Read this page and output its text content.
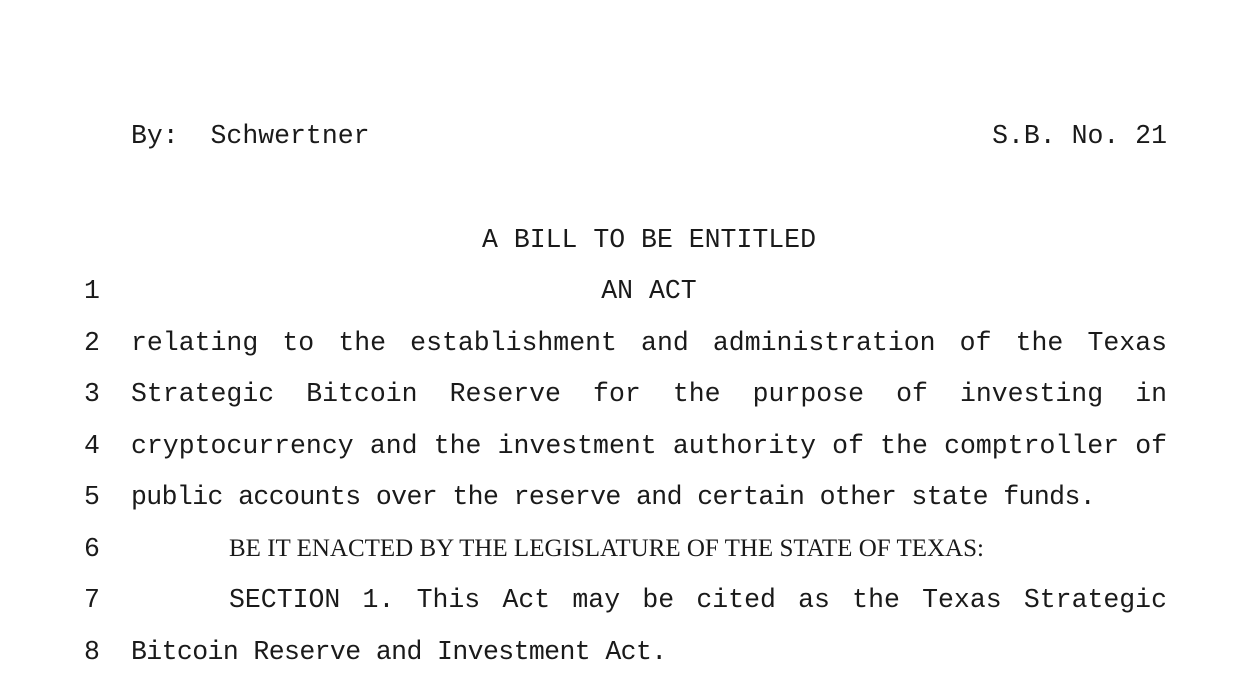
By:  Schwertner	S.B. No. 21
A BILL TO BE ENTITLED
1	AN ACT
2 relating to the establishment and administration of the Texas
3 Strategic Bitcoin Reserve for the purpose of investing in
4 cryptocurrency and the investment authority of the comptroller of
5 public accounts over the reserve and certain other state funds.
6	BE IT ENACTED BY THE LEGISLATURE OF THE STATE OF TEXAS:
7	SECTION 1. This Act may be cited as the Texas Strategic
8 Bitcoin Reserve and Investment Act.
